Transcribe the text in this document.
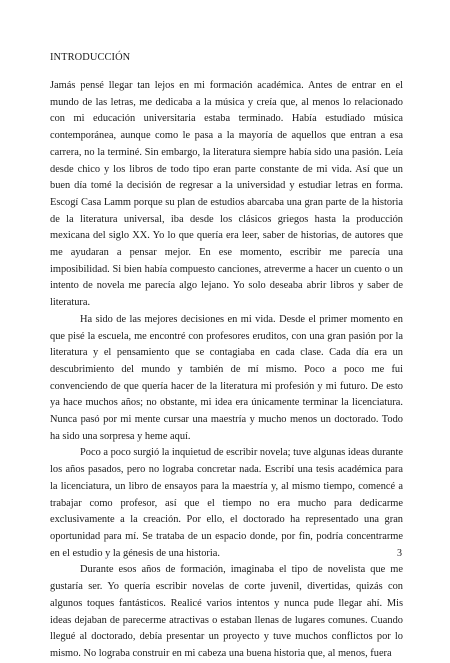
INTRODUCCIÓN

Jamás pensé llegar tan lejos en mi formación académica. Antes de entrar en el mundo de las letras, me dedicaba a la música y creía que, al menos lo relacionado con mi educación universitaria estaba terminado. Había estudiado música contemporánea, aunque como le pasa a la mayoría de aquellos que entran a esa carrera, no la terminé. Sin embargo, la literatura siempre había sido una pasión. Leía desde chico y los libros de todo tipo eran parte constante de mi vida. Así que un buen día tomé la decisión de regresar a la universidad y estudiar letras en forma. Escogí Casa Lamm porque su plan de estudios abarcaba una gran parte de la historia de la literatura universal, iba desde los clásicos griegos hasta la producción mexicana del siglo XX. Yo lo que quería era leer, saber de historias, de autores que me ayudaran a pensar mejor. En ese momento, escribir me parecía una imposibilidad. Si bien había compuesto canciones, atreverme a hacer un cuento o un intento de novela me parecía algo lejano. Yo solo deseaba abrir libros y saber de literatura.

Ha sido de las mejores decisiones en mi vida. Desde el primer momento en que pisé la escuela, me encontré con profesores eruditos, con una gran pasión por la literatura y el pensamiento que se contagiaba en cada clase. Cada día era un descubrimiento del mundo y también de mí mismo. Poco a poco me fui convenciendo de que quería hacer de la literatura mi profesión y mi futuro. De esto ya hace muchos años; no obstante, mi idea era únicamente terminar la licenciatura. Nunca pasó por mi mente cursar una maestría y mucho menos un doctorado. Todo ha sido una sorpresa y heme aquí.

Poco a poco surgió la inquietud de escribir novela; tuve algunas ideas durante los años pasados, pero no lograba concretar nada. Escribí una tesis académica para la licenciatura, un libro de ensayos para la maestría y, al mismo tiempo, comencé a trabajar como profesor, así que el tiempo no era mucho para dedicarme exclusivamente a la creación. Por ello, el doctorado ha representado una gran oportunidad para mí. Se trataba de un espacio donde, por fin, podría concentrarme en el estudio y la génesis de una historia.

Durante esos años de formación, imaginaba el tipo de novelista que me gustaría ser. Yo quería escribir novelas de corte juvenil, divertidas, quizás con algunos toques fantásticos. Realicé varios intentos y nunca pude llegar ahí. Mis ideas dejaban de parecerme atractivas o estaban llenas de lugares comunes. Cuando llegué al doctorado, debía presentar un proyecto y tuve muchos conflictos por lo mismo. No lograba construir en mi cabeza una buena historia que, al menos, fuera

3
